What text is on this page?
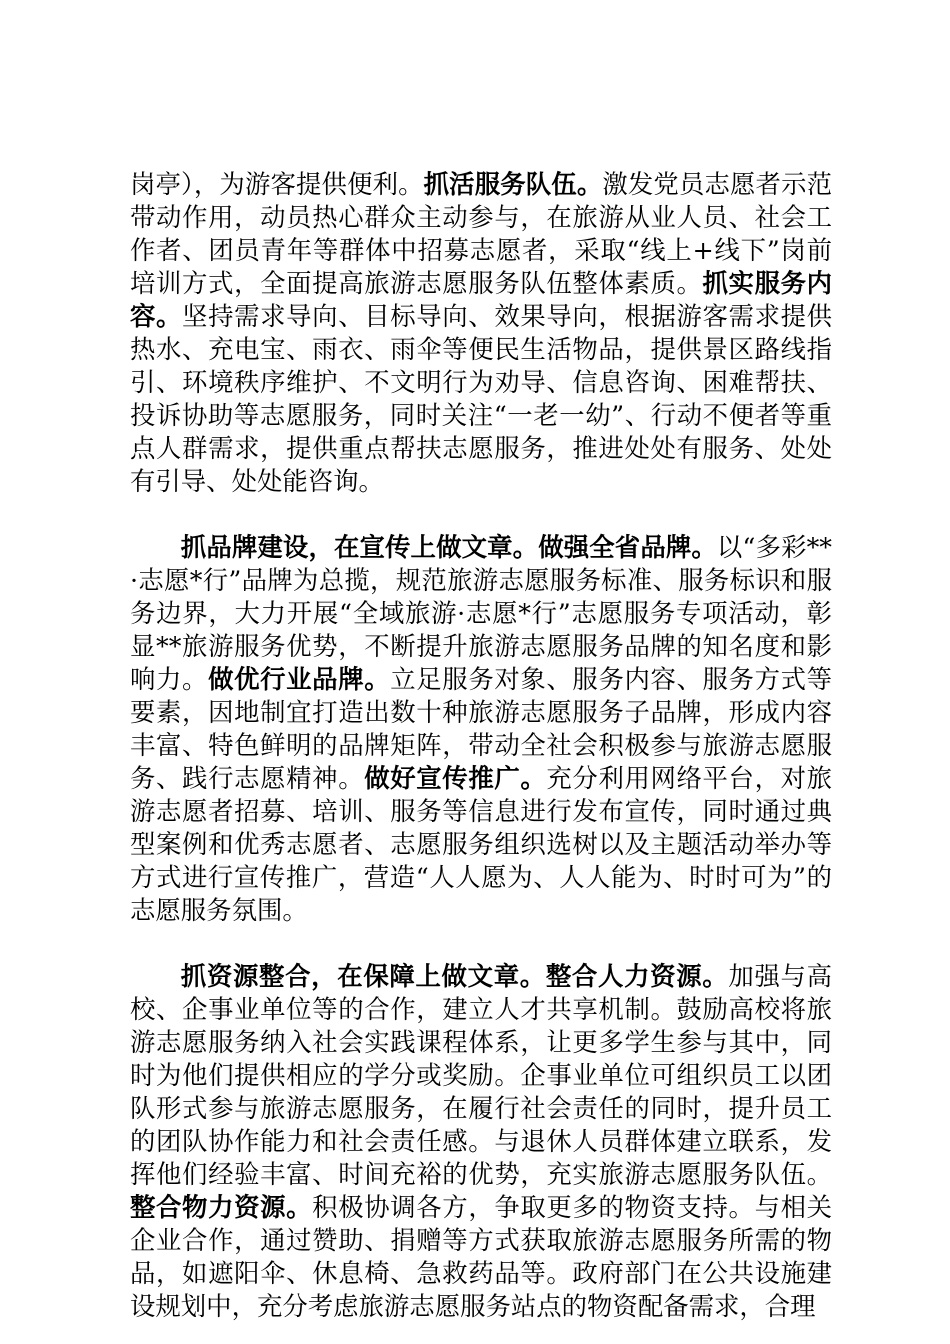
岗亭），为游客提供便利。抓活服务队伍。激发党员志愿者示范带动作用，动员热心群众主动参与，在旅游从业人员、社会工作者、团员青年等群体中招募志愿者，采取“线上+线下”岗前培训方式，全面提高旅游志愿服务队伍整体素质。抓实服务内容。坚持需求导向、目标导向、效果导向，根据游客需求提供热水、充电宝、雨衣、雨伞等便民生活物品，提供景区路线指引、环境秩序维护、不文明行为劝导、信息咨询、困难帮扶、投诉协助等志愿服务，同时关注“一老一幼”、行动不便者等重点人群需求，提供重点帮扶志愿服务，推进处处有服务、处处有引导、处处能咨询。

抓品牌建设，在宣传上做文章。做强全省品牌。以“多彩**·志愿*行”品牌为总揽，规范旅游志愿服务标准、服务标识和服务边界，大力开展“全域旅游·志愿*行”志愿服务专项活动，彰显**旅游服务优势，不断提升旅游志愿服务品牌的知名度和影响力。做优行业品牌。立足服务对象、服务内容、服务方式等要素，因地制宜打造出数十种旅游志愿服务子品牌，形成内容丰富、特色鲜明的品牌矩阵，带动全社会积极参与旅游志愿服务、践行志愿精神。做好宣传推广。充分利用网络平台，对旅游志愿者招募、培训、服务等信息进行发布宣传，同时通过典型案例和优秀志愿者、志愿服务组织选树以及主题活动举办等方式进行宣传推广，营造“人人愿为、人人能为、时时可为”的志愿服务氛围。

抓资源整合，在保障上做文章。整合人力资源。加强与高校、企事业单位等的合作，建立人才共享机制。鼓励高校将旅游志愿服务纳入社会实践课程体系，让更多学生参与其中，同时为他们提供相应的学分或奖励。企事业单位可组织员工以团队形式参与旅游志愿服务，在履行社会责任的同时，提升员工的团队协作能力和社会责任感。与退休人员群体建立联系，发挥他们经验丰富、时间充裕的优势，充实旅游志愿服务队伍。整合物力资源。积极协调各方，争取更多的物资支持。与相关企业合作，通过赞助、捐赠等方式获取旅游志愿服务所需的物品，如遮阳伞、休息椅、急救药品等。政府部门在公共设施建设规划中，充分考虑旅游志愿服务站点的物资配备需求，合理
